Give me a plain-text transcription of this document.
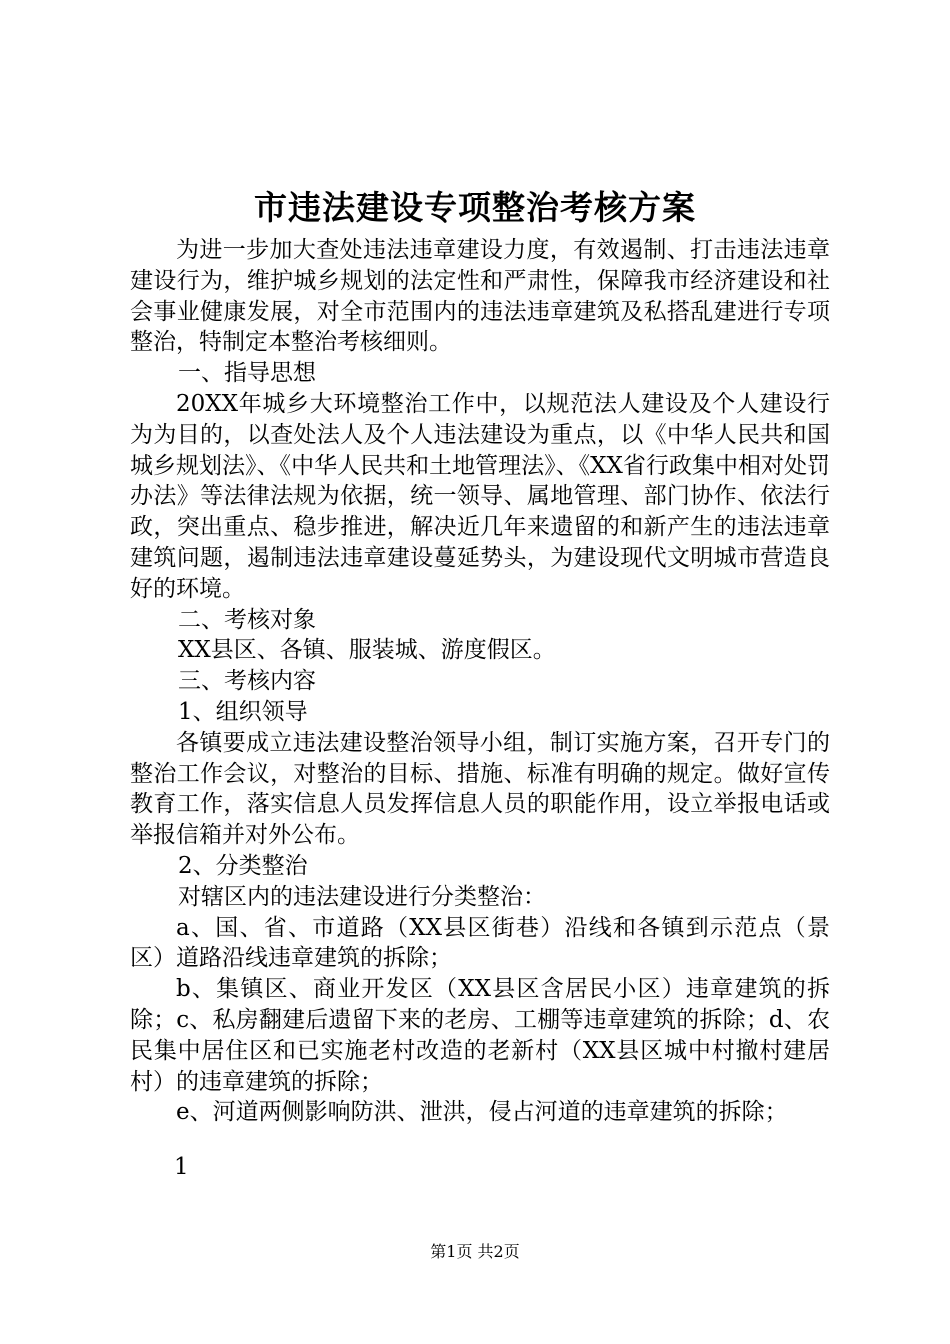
市违法建设专项整治考核方案

为进一步加大查处违法违章建设力度，有效遏制、打击违法违章建设行为，维护城乡规划的法定性和严肃性，保障我市经济建设和社会事业健康发展，对全市范围内的违法违章建筑及私搭乱建进行专项整治，特制定本整治考核细则。

一、指导思想

20XX年城乡大环境整治工作中，以规范法人建设及个人建设行为为目的，以查处法人及个人违法建设为重点，以《中华人民共和国城乡规划法》、《中华人民共和土地管理法》、《XX省行政集中相对处罚办法》等法律法规为依据，统一领导、属地管理、部门协作、依法行政，突出重点、稳步推进，解决近几年来遗留的和新产生的违法违章建筑问题，遏制违法违章建设蔓延势头，为建设现代文明城市营造良好的环境。

二、考核对象

XX县区、各镇、服装城、游度假区。

三、考核内容

1、组织领导

各镇要成立违法建设整治领导小组，制订实施方案，召开专门的整治工作会议，对整治的目标、措施、标准有明确的规定。做好宣传教育工作，落实信息人员发挥信息人员的职能作用，设立举报电话或举报信箱并对外公布。

2、分类整治

对辖区内的违法建设进行分类整治：

a、国、省、市道路（XX县区街巷）沿线和各镇到示范点（景区）道路沿线违章建筑的拆除；

b、集镇区、商业开发区（XX县区含居民小区）违章建筑的拆除；c、私房翻建后遗留下来的老房、工棚等违章建筑的拆除；d、农民集中居住区和已实施老村改造的老新村（XX县区城中村撤村建居村）的违章建筑的拆除；

e、河道两侧影响防洪、泄洪，侵占河道的违章建筑的拆除；

1

第1页 共2页
